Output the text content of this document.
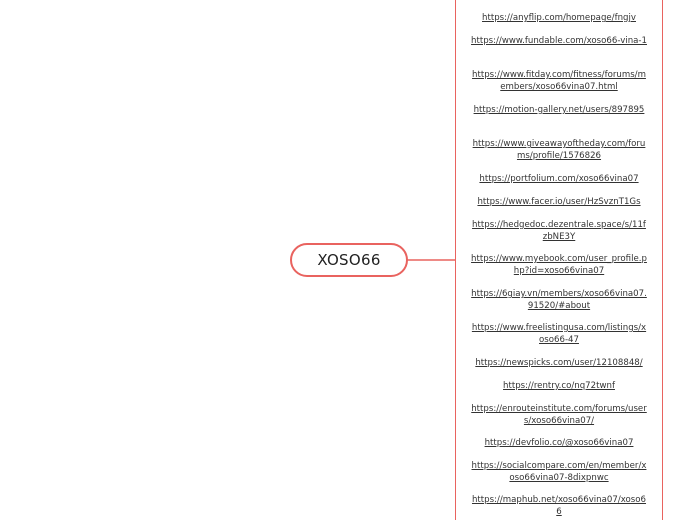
XOSO66
https://anyflip.com/homepage/fngjv
https://www.fundable.com/xoso66-vina-1
https://www.fitday.com/fitness/forums/members/xoso66vina07.html
https://motion-gallery.net/users/897895
https://www.giveawayoftheday.com/forums/profile/1576826
https://portfolium.com/xoso66vina07
https://www.facer.io/user/HzSvznT1Gs
https://hedgedoc.dezentrale.space/s/11fzbNE3Y
https://www.myebook.com/user_profile.php?id=xoso66vina07
https://6giay.vn/members/xoso66vina07.91520/#about
https://www.freelistingusa.com/listings/xoso66-47
https://newspicks.com/user/12108848/
https://rentry.co/nq72twnf
https://enrouteinstitute.com/forums/users/xoso66vina07/
https://devfolio.co/@xoso66vina07
https://socialcompare.com/en/member/xoso66vina07-8dixpnwc
https://maphub.net/xoso66vina07/xoso66
